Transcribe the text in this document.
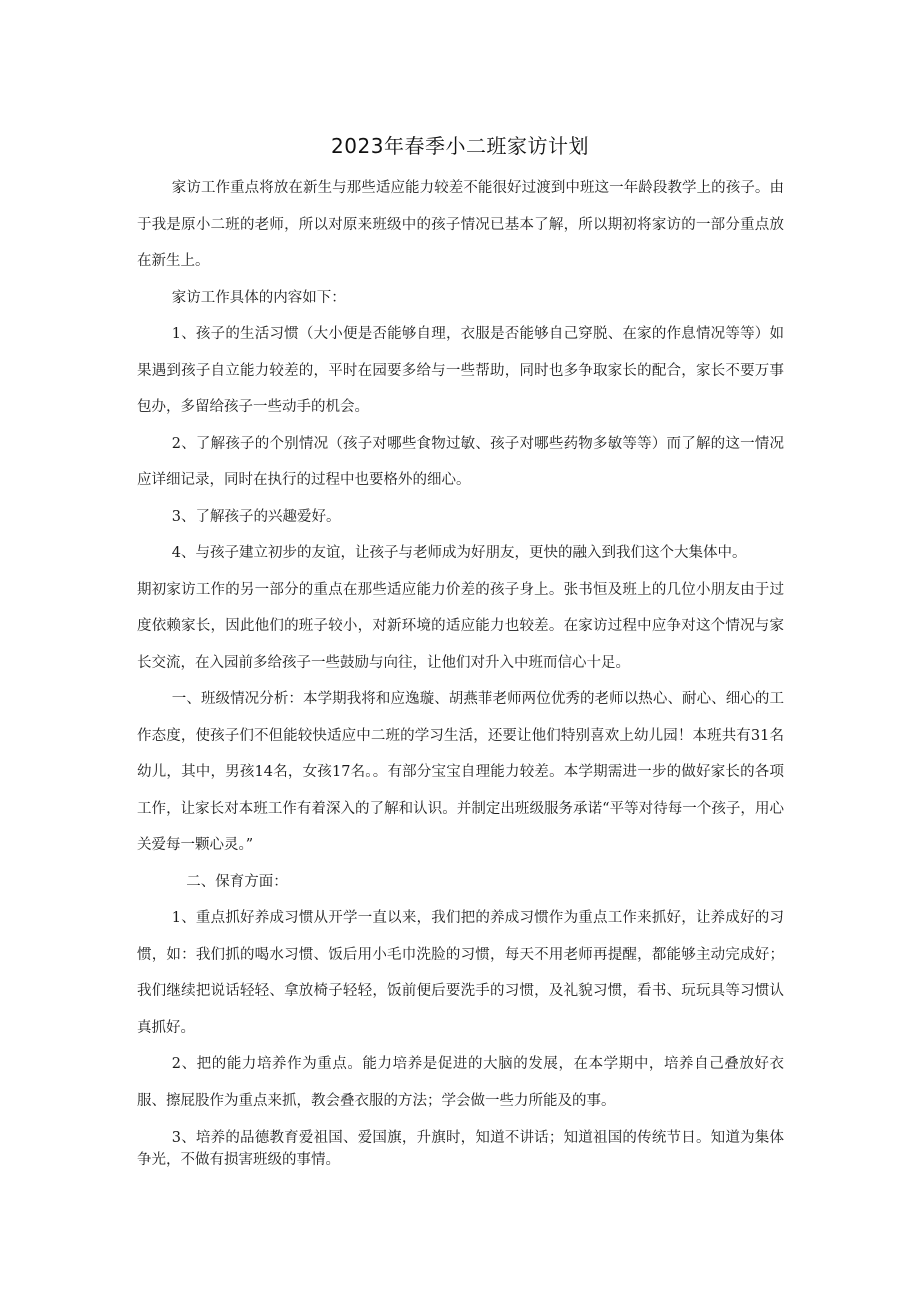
2023年春季小二班家访计划

家访工作重点将放在新生与那些适应能力较差不能很好过渡到中班这一年龄段教学上的孩子。由于我是原小二班的老师，所以对原来班级中的孩子情况已基本了解，所以期初将家访的一部分重点放在新生上。

家访工作具体的内容如下：

1、孩子的生活习惯（大小便是否能够自理，衣服是否能够自己穿脱、在家的作息情况等等）如果遇到孩子自立能力较差的，平时在园要多给与一些帮助，同时也多争取家长的配合，家长不要万事包办，多留给孩子一些动手的机会。

2、了解孩子的个别情况（孩子对哪些食物过敏、孩子对哪些药物多敏等等）而了解的这一情况应详细记录，同时在执行的过程中也要格外的细心。

3、了解孩子的兴趣爱好。

4、与孩子建立初步的友谊，让孩子与老师成为好朋友，更快的融入到我们这个大集体中。

期初家访工作的另一部分的重点在那些适应能力价差的孩子身上。张书恒及班上的几位小朋友由于过度依赖家长，因此他们的班子较小，对新环境的适应能力也较差。在家访过程中应争对这个情况与家长交流，在入园前多给孩子一些鼓励与向往，让他们对升入中班而信心十足。

一、班级情况分析：本学期我将和应逸璇、胡燕菲老师两位优秀的老师以热心、耐心、细心的工作态度，使孩子们不但能较快适应中二班的学习生活，还要让他们特别喜欢上幼儿园！本班共有31名幼儿，其中，男孩14名，女孩17名。。有部分宝宝自理能力较差。本学期需进一步的做好家长的各项工作，让家长对本班工作有着深入的了解和认识。并制定出班级服务承诺“平等对待每一个孩子，用心关爱每一颗心灵。”

二、保育方面：

1、重点抓好养成习惯从开学一直以来，我们把的养成习惯作为重点工作来抓好，让养成好的习惯，如：我们抓的喝水习惯、饭后用小毛巾洗脸的习惯，每天不用老师再提醒，都能够主动完成好；我们继续把说话轻轻、拿放椅子轻轻，饭前便后要洗手的习惯，及礼貌习惯，看书、玩玩具等习惯认真抓好。

2、把的能力培养作为重点。能力培养是促进的大脑的发展，在本学期中，培养自己叠放好衣服、擦屁股作为重点来抓，教会叠衣服的方法；学会做一些力所能及的事。

3、培养的品德教育爱祖国、爱国旗，升旗时，知道不讲话；知道祖国的传统节日。知道为集体争光，不做有损害班级的事情。
